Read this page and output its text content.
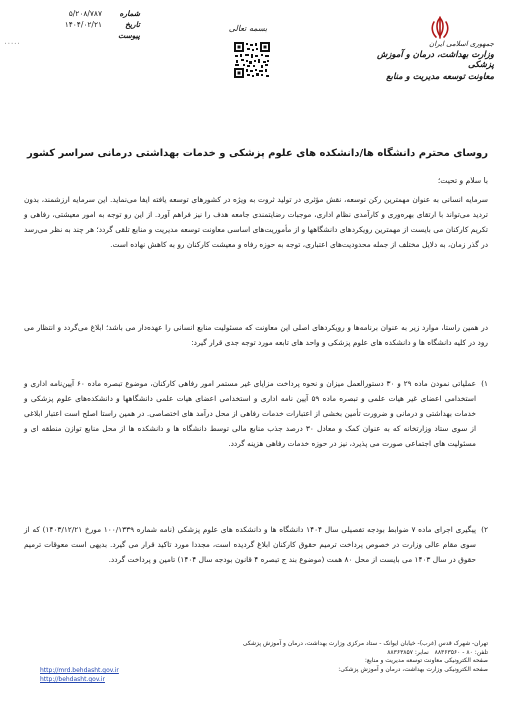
شماره
۵/۲۰۸/۷۸۷
تاریخ
۱۴۰۴/۰۲/۲۱
پیوست
۰۰۰۰۰
بسمه تعالی
جمهوری اسلامی ایران
وزارت بهداشت، درمان و آموزش پزشکی
معاونت توسعه مدیریت و منابع
روسای محترم دانشگاه ها/دانشکده های علوم پزشکی و خدمات بهداشتی درمانی سراسر کشور
با سلام و تحیت؛
سرمایه انسانی به عنوان مهمترین رکن توسعه، نقش مؤثری در تولید ثروت به ویژه در کشورهای توسعه یافته ایفا می‌نماید. این سرمایه ارزشمند، بدون تردید می‌تواند با ارتقای بهره‌وری و کارآمدی نظام اداری، موجبات رضایتمندی جامعه هدف را نیز فراهم آورد. از این رو توجه به امور معیشتی، رفاهی و تکریم کارکنان می بایست از مهمترین رویکردهای دانشگاهها و از مأموریت‌های اساسی معاونت توسعه مدیریت و منابع تلقی گردد؛ هر چند به نظر می‌رسد در گذر زمان، به دلایل مختلف از جمله محدودیت‌های اعتباری، توجه به حوزه رفاه و معیشت کارکنان رو به کاهش نهاده است.
در همین راستا، موارد زیر به عنوان برنامه‌ها و رویکردهای اصلی این معاونت که مسئولیت منابع انسانی را عهده‌دار می باشد؛ ابلاغ می‌گردد و انتظار می رود در کلیه دانشگاه ها و دانشکده های علوم پزشکی و واحد های تابعه مورد توجه جدی قرار گیرد:
۱)
عملیاتی نمودن ماده ۲۹ و ۳۰ دستورالعمل میزان و نحوه پرداخت مزایای غیر مستمر امور رفاهی کارکنان، موضوع تبصره ماده ۶۰ آیین‌نامه اداری و استخدامی اعضای غیر هیات علمی و تبصره ماده ۵۹ آیین نامه اداری و استخدامی اعضای هیات علمی دانشگاهها و دانشکده‌های علوم پزشکی و خدمات بهداشتی و درمانی و ضرورت تأمین بخشی از اعتبارات خدمات رفاهی از محل درآمد های اختصاصی. در همین راستا اصلح است اعتبار ابلاغی از سوی ستاد وزارتخانه که به عنوان کمک و معادل ۳۰ درصد جذب منابع مالی توسط دانشگاه ها و دانشکده ها از محل منابع توازن منطقه ای و مسئولیت های اجتماعی صورت می پذیرد، نیز در حوزه خدمات رفاهی هزینه گردد.
۲)
پیگیری اجرای ماده ۷ ضوابط بودجه تفصیلی سال ۱۴۰۴ دانشگاه ها و دانشکده های علوم پزشکی (نامه شماره ۱۰۰/۱۳۳۹ مورخ ۱۴۰۳/۱۲/۲۱) که از سوی مقام عالی وزارت در خصوص پرداخت ترمیم حقوق کارکنان ابلاغ گردیده است، مجددا مورد تاکید قرار می گیرد. بدیهی است معوقات ترمیم حقوق در سال ۱۴۰۳ می بایست از محل ۸۰ همت (موضوع بند ج تبصره ۴ قانون بودجه سال ۱۴۰۴) تامین و پرداخت گردد.
تهران- شهرک قدس (غرب)- خیابان ایوانک - ستاد مرکزی وزارت بهداشت، درمان و آموزش پزشکی
تلفن: ۸۰ - ۸۸۳۶۳۵۶۰   نمابر: ۸۸۳۶۳۸۵۷
صفحه الکترونیکی معاونت توسعه مدیریت و منابع:
صفحه الکترونیکی وزارت بهداشت، درمان و آموزش پزشکی:
http://mrd.behdasht.gov.ir
http://behdasht.gov.ir
